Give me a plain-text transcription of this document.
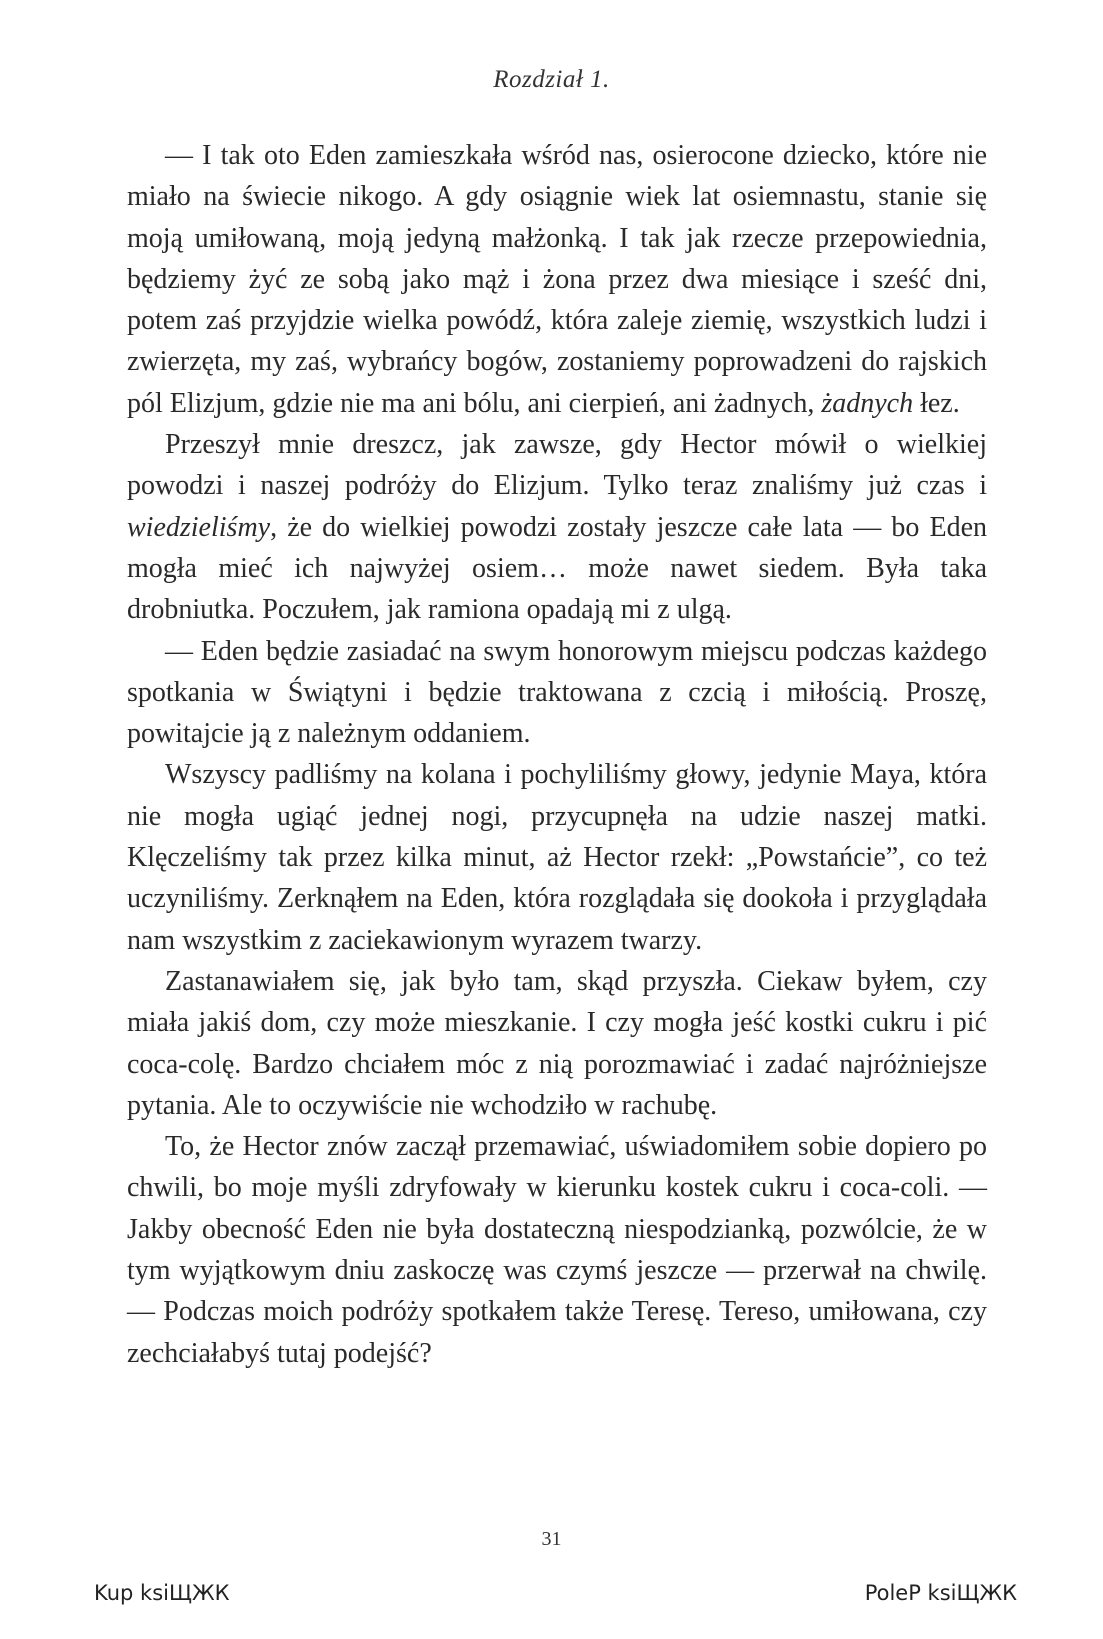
Rozdział 1.

— I tak oto Eden zamieszkała wśród nas, osierocone dziecko, które nie miało na świecie nikogo. A gdy osiągnie wiek lat osiemnastu, stanie się moją umiłowaną, moją jedyną małżonką. I tak jak rzecze przepowiednia, będziemy żyć ze sobą jako mąż i żona przez dwa miesiące i sześć dni, potem zaś przyjdzie wielka powódź, która zaleje ziemię, wszystkich ludzi i zwierzęta, my zaś, wybrańcy bogów, zostaniemy poprowadzeni do rajskich pól Elizjum, gdzie nie ma ani bólu, ani cierpień, ani żadnych, żadnych łez.

Przeszył mnie dreszcz, jak zawsze, gdy Hector mówił o wielkiej powodzi i naszej podróży do Elizjum. Tylko teraz znaliśmy już czas i wiedzieliśmy, że do wielkiej powodzi zostały jeszcze całe lata — bo Eden mogła mieć ich najwyżej osiem… może nawet siedem. Była taka drobniutka. Poczułem, jak ramiona opadają mi z ulgą.

— Eden będzie zasiadać na swym honorowym miejscu podczas każdego spotkania w Świątyni i będzie traktowana z czcią i miłością. Proszę, powitajcie ją z należnym oddaniem.

Wszyscy padliśmy na kolana i pochyliliśmy głowy, jedynie Maya, która nie mogła ugiąć jednej nogi, przycupnęła na udzie naszej matki. Klęczeliśmy tak przez kilka minut, aż Hector rzekł: „Powstańcie”, co też uczyniliśmy. Zerknąłem na Eden, która rozglądała się dookoła i przyglądała nam wszystkim z zaciekawionym wyrazem twarzy.

Zastanawiałem się, jak było tam, skąd przyszła. Ciekaw byłem, czy miała jakiś dom, czy może mieszkanie. I czy mogła jeść kostki cukru i pić coca-colę. Bardzo chciałem móc z nią porozmawiać i zadać najróżniejsze pytania. Ale to oczywiście nie wchodziło w rachubę.

To, że Hector znów zaczął przemawiać, uświadomiłem sobie dopiero po chwili, bo moje myśli zdryfowały w kierunku kostek cukru i coca-coli. — Jakby obecność Eden nie była dostateczną niespodzianką, pozwólcie, że w tym wyjątkowym dniu zaskoczę was czymś jeszcze — przerwał na chwilę. — Podczas moich podróży spotkałem także Teresę. Tereso, umiłowana, czy zechciałabyś tutaj podejść?

31
Kup ksiЩЖК	PoleР ksiЩЖК
